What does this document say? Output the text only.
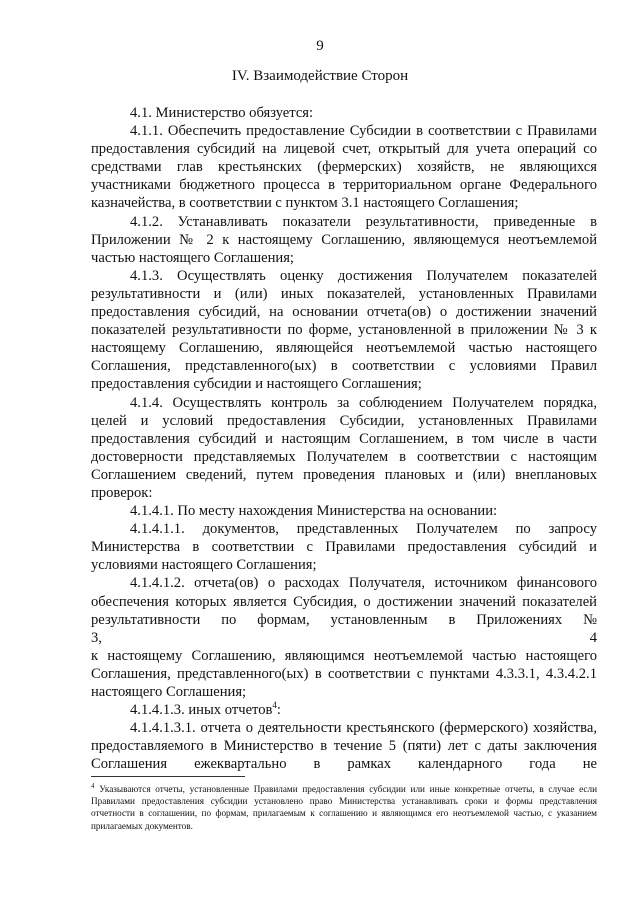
9
IV. Взаимодействие Сторон

4.1. Министерство обязуется:

4.1.1. Обеспечить предоставление Субсидии в соответствии с Правилами предоставления субсидий на лицевой счет, открытый для учета операций со средствами глав крестьянских (фермерских) хозяйств, не являющихся участниками бюджетного процесса в территориальном органе Федерального казначейства, в соответствии с пунктом 3.1 настоящего Соглашения;

4.1.2. Устанавливать показатели результативности, приведенные в Приложении № 2 к настоящему Соглашению, являющемуся неотъемлемой частью настоящего Соглашения;

4.1.3. Осуществлять оценку достижения Получателем показателей результативности и (или) иных показателей, установленных Правилами предоставления субсидий, на основании отчета(ов) о достижении значений показателей результативности по форме, установленной в приложении № 3 к настоящему Соглашению, являющейся неотъемлемой частью настоящего Соглашения, представленного(ых) в соответствии с условиями Правил предоставления субсидии и настоящего Соглашения;

4.1.4. Осуществлять контроль за соблюдением Получателем порядка, целей и условий предоставления Субсидии, установленных Правилами предоставления субсидий и настоящим Соглашением, в том числе в части достоверности представляемых Получателем в соответствии с настоящим Соглашением сведений, путем проведения плановых и (или) внеплановых проверок:

4.1.4.1. По месту нахождения Министерства на основании:

4.1.4.1.1. документов, представленных Получателем по запросу Министерства в соответствии с Правилами предоставления субсидий и условиями настоящего Соглашения;

4.1.4.1.2. отчета(ов) о расходах Получателя, источником финансового обеспечения которых является Субсидия, о достижении значений показателей результативности по формам, установленным в Приложениях №

3,	4

к настоящему Соглашению, являющимся неотъемлемой частью настоящего Соглашения, представленного(ых) в соответствии с пунктами 4.3.3.1, 4.3.4.2.1 настоящего Соглашения;

4.1.4.1.3. иных отчетов$^4$:

4.1.4.1.3.1. отчета о деятельности крестьянского (фермерского) хозяйства, предоставляемого в Министерство в течение 5 (пяти) лет с даты заключения Соглашения ежеквартально в рамках календарного года не

$^4$ Указываются отчеты, установленные Правилами предоставления субсидии или иные конкретные отчеты, в случае если Правилами предоставления субсидии установлено право Министерства устанавливать сроки и формы представления отчетности в соглашении, по формам, прилагаемым к соглашению и являющимся его неотъемлемой частью, с указанием прилагаемых документов.
